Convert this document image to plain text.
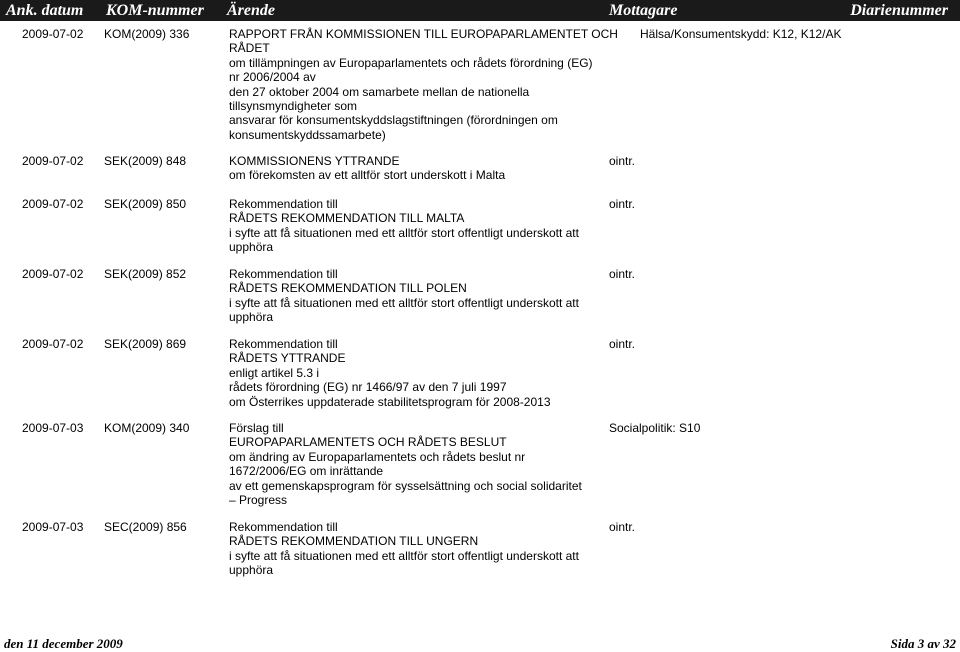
Ank. datum KOM-nummer Ärende	Mottagare	Diarienummer
2009-07-02 KOM(2009) 336	RAPPORT FRÅN KOMMISSIONEN TILL EUROPAPARLAMENTET OCH
RÅDET
om tillämpningen av Europaparlamentets och rådets förordning (EG)
nr 2006/2004 av
den 27 oktober 2004 om samarbete mellan de nationella
tillsynsmyndigheter som
ansvarar för konsumentskyddslagstiftningen (förordningen om
konsumentskyddssamarbete)
Hälsa/Konsumentskydd: K12, K12/AK
2009-07-02 SEK(2009) 848	KOMMISSIONENS YTTRANDE
om förekomsten av ett alltför stort underskott i Malta
ointr.
2009-07-02 SEK(2009) 850	Rekommendation till
RÅDETS REKOMMENDATION TILL MALTA
i syfte att få situationen med ett alltför stort offentligt underskott att
upphöra
ointr.
2009-07-02 SEK(2009) 852	Rekommendation till
RÅDETS REKOMMENDATION TILL POLEN
i syfte att få situationen med ett alltför stort offentligt underskott att
upphöra
ointr.
2009-07-02 SEK(2009) 869	Rekommendation till
RÅDETS YTTRANDE
enligt artikel 5.3 i
rådets förordning (EG) nr 1466/97 av den 7 juli 1997
om Österrikes uppdaterade stabilitetsprogram för 2008-2013
ointr.
2009-07-03 KOM(2009) 340	Förslag till
EUROPAPARLAMENTETS OCH RÅDETS BESLUT
om ändring av Europaparlamentets och rådets beslut nr
1672/2006/EG om inrättande
av ett gemenskapsprogram för sysselsättning och social solidaritet
– Progress
Socialpolitik: S10
2009-07-03 SEC(2009) 856	Rekommendation till
RÅDETS REKOMMENDATION TILL UNGERN
i syfte att få situationen med ett alltför stort offentligt underskott att
upphöra
ointr.
den 11 december 2009	Sida 3 av 32
